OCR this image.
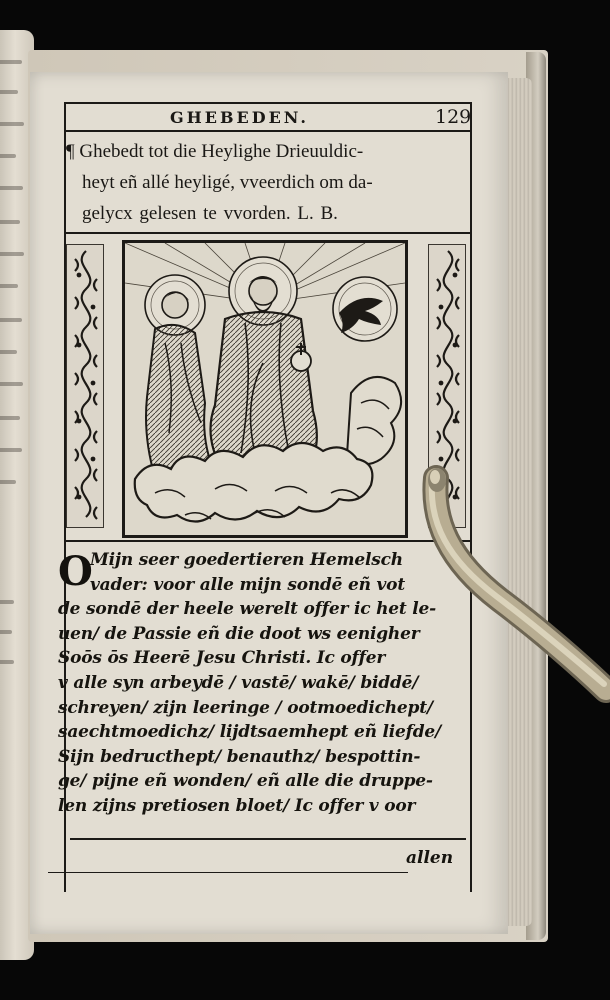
GHEBEDEN.	129
¶ Ghebedt tot die Heylighe Drieuuldic-
heyt eñ allé heyligé, vveerdich om da-
gelycx gelesen te vvorden. L. B.
O
Mijn seer goedertieren Hemelsch
vader: voor alle mijn sondē eñ vot
de sondē der heele werelt offer ic het le-
uen/ de Passie eñ die doot ws eenigher
Soōs ōs Heerē Jesu Christi. Ic offer
v alle syn arbeydē / vastē/ wakē/ biddē/
schreyen/ zijn leeringe / ootmoedichept/
saechtmoedichz/ lijdtsaemhept eñ liefde/
Sijn bedructhept/ benauthz/ bespottin-
ge/ pijne eñ wonden/ eñ alle die druppe-
len zijns pretiosen bloet/ Ic offer v oor
allen
